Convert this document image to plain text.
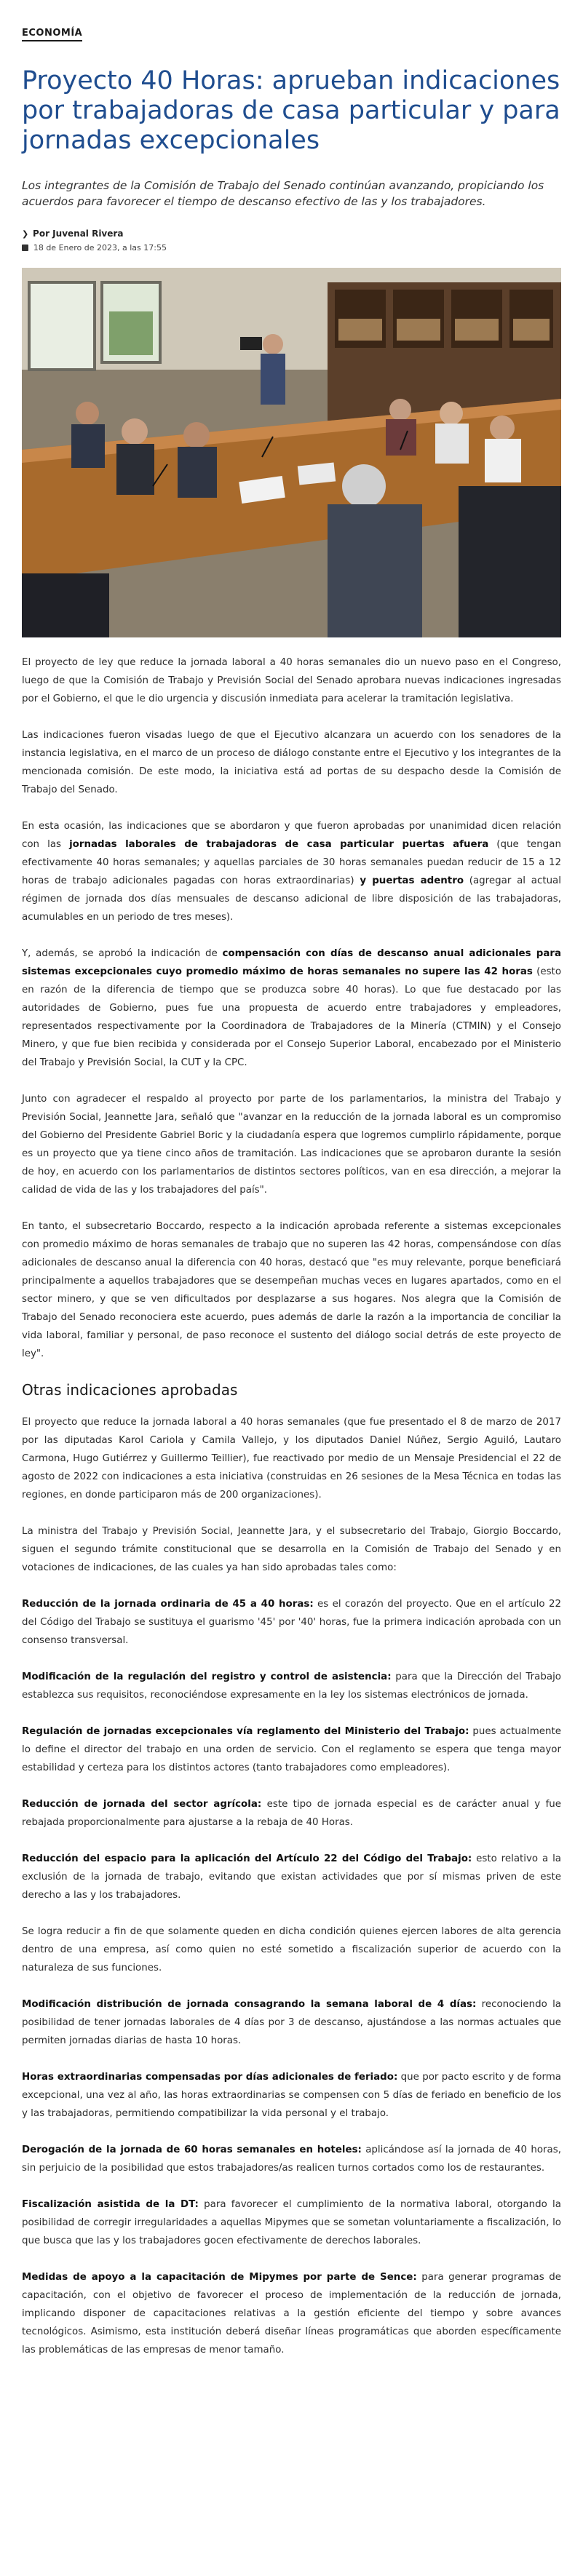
ECONOMÍA
Proyecto 40 Horas: aprueban indicaciones por trabajadoras de casa particular y para jornadas excepcionales

Los integrantes de la Comisión de Trabajo del Senado continúan avanzando, propiciando los acuerdos para favorecer el tiempo de descanso efectivo de las y los trabajadores.

❯ Por Juvenal Rivera
18 de Enero de 2023, a las 17:55

El proyecto de ley que reduce la jornada laboral a 40 horas semanales dio un nuevo paso en el Congreso, luego de que la Comisión de Trabajo y Previsión Social del Senado aprobara nuevas indicaciones ingresadas por el Gobierno, el que le dio urgencia y discusión inmediata para acelerar la tramitación legislativa.

Las indicaciones fueron visadas luego de que el Ejecutivo alcanzara un acuerdo con los senadores de la instancia legislativa, en el marco de un proceso de diálogo constante entre el Ejecutivo y los integrantes de la mencionada comisión. De este modo, la iniciativa está ad portas de su despacho desde la Comisión de Trabajo del Senado.

En esta ocasión, las indicaciones que se abordaron y que fueron aprobadas por unanimidad dicen relación con las jornadas laborales de trabajadoras de casa particular puertas afuera (que tengan efectivamente 40 horas semanales; y aquellas parciales de 30 horas semanales puedan reducir de 15 a 12 horas de trabajo adicionales pagadas con horas extraordinarias) y puertas adentro (agregar al actual régimen de jornada dos días mensuales de descanso adicional de libre disposición de las trabajadoras, acumulables en un periodo de tres meses).

Y, además, se aprobó la indicación de compensación con días de descanso anual adicionales para sistemas excepcionales cuyo promedio máximo de horas semanales no supere las 42 horas (esto en razón de la diferencia de tiempo que se produzca sobre 40 horas). Lo que fue destacado por las autoridades de Gobierno, pues fue una propuesta de acuerdo entre trabajadores y empleadores, representados respectivamente por la Coordinadora de Trabajadores de la Minería (CTMIN) y el Consejo Minero, y que fue bien recibida y considerada por el Consejo Superior Laboral, encabezado por el Ministerio del Trabajo y Previsión Social, la CUT y la CPC.

Junto con agradecer el respaldo al proyecto por parte de los parlamentarios, la ministra del Trabajo y Previsión Social, Jeannette Jara, señaló que "avanzar en la reducción de la jornada laboral es un compromiso del Gobierno del Presidente Gabriel Boric y la ciudadanía espera que logremos cumplirlo rápidamente, porque es un proyecto que ya tiene cinco años de tramitación. Las indicaciones que se aprobaron durante la sesión de hoy, en acuerdo con los parlamentarios de distintos sectores políticos, van en esa dirección, a mejorar la calidad de vida de las y los trabajadores del país".

En tanto, el subsecretario Boccardo, respecto a la indicación aprobada referente a sistemas excepcionales con promedio máximo de horas semanales de trabajo que no superen las 42 horas, compensándose con días adicionales de descanso anual la diferencia con 40 horas, destacó que "es muy relevante, porque beneficiará principalmente a aquellos trabajadores que se desempeñan muchas veces en lugares apartados, como en el sector minero, y que se ven dificultados por desplazarse a sus hogares. Nos alegra que la Comisión de Trabajo del Senado reconociera este acuerdo, pues además de darle la razón a la importancia de conciliar la vida laboral, familiar y personal, de paso reconoce el sustento del diálogo social detrás de este proyecto de ley".

Otras indicaciones aprobadas

El proyecto que reduce la jornada laboral a 40 horas semanales (que fue presentado el 8 de marzo de 2017 por las diputadas Karol Cariola y Camila Vallejo, y los diputados Daniel Núñez, Sergio Aguiló, Lautaro Carmona, Hugo Gutiérrez y Guillermo Teillier), fue reactivado por medio de un Mensaje Presidencial el 22 de agosto de 2022 con indicaciones a esta iniciativa (construidas en 26 sesiones de la Mesa Técnica en todas las regiones, en donde participaron más de 200 organizaciones).

La ministra del Trabajo y Previsión Social, Jeannette Jara, y el subsecretario del Trabajo, Giorgio Boccardo, siguen el segundo trámite constitucional que se desarrolla en la Comisión de Trabajo del Senado y en votaciones de indicaciones, de las cuales ya han sido aprobadas tales como:

Reducción de la jornada ordinaria de 45 a 40 horas: es el corazón del proyecto. Que en el artículo 22 del Código del Trabajo se sustituya el guarismo '45' por '40' horas, fue la primera indicación aprobada con un consenso transversal.

Modificación de la regulación del registro y control de asistencia: para que la Dirección del Trabajo establezca sus requisitos, reconociéndose expresamente en la ley los sistemas electrónicos de jornada.

Regulación de jornadas excepcionales vía reglamento del Ministerio del Trabajo: pues actualmente lo define el director del trabajo en una orden de servicio. Con el reglamento se espera que tenga mayor estabilidad y certeza para los distintos actores (tanto trabajadores como empleadores).

Reducción de jornada del sector agrícola: este tipo de jornada especial es de carácter anual y fue rebajada proporcionalmente para ajustarse a la rebaja de 40 Horas.

Reducción del espacio para la aplicación del Artículo 22 del Código del Trabajo: esto relativo a la exclusión de la jornada de trabajo, evitando que existan actividades que por sí mismas priven de este derecho a las y los trabajadores.

Se logra reducir a fin de que solamente queden en dicha condición quienes ejercen labores de alta gerencia dentro de una empresa, así como quien no esté sometido a fiscalización superior de acuerdo con la naturaleza de sus funciones.

Modificación distribución de jornada consagrando la semana laboral de 4 días: reconociendo la posibilidad de tener jornadas laborales de 4 días por 3 de descanso, ajustándose a las normas actuales que permiten jornadas diarias de hasta 10 horas.

Horas extraordinarias compensadas por días adicionales de feriado: que por pacto escrito y de forma excepcional, una vez al año, las horas extraordinarias se compensen con 5 días de feriado en beneficio de los y las trabajadoras, permitiendo compatibilizar la vida personal y el trabajo.

Derogación de la jornada de 60 horas semanales en hoteles: aplicándose así la jornada de 40 horas, sin perjuicio de la posibilidad que estos trabajadores/as realicen turnos cortados como los de restaurantes.

Fiscalización asistida de la DT: para favorecer el cumplimiento de la normativa laboral, otorgando la posibilidad de corregir irregularidades a aquellas Mipymes que se sometan voluntariamente a fiscalización, lo que busca que las y los trabajadores gocen efectivamente de derechos laborales.

Medidas de apoyo a la capacitación de Mipymes por parte de Sence: para generar programas de capacitación, con el objetivo de favorecer el proceso de implementación de la reducción de jornada, implicando disponer de capacitaciones relativas a la gestión eficiente del tiempo y sobre avances tecnológicos. Asimismo, esta institución deberá diseñar líneas programáticas que aborden específicamente las problemáticas de las empresas de menor tamaño.
